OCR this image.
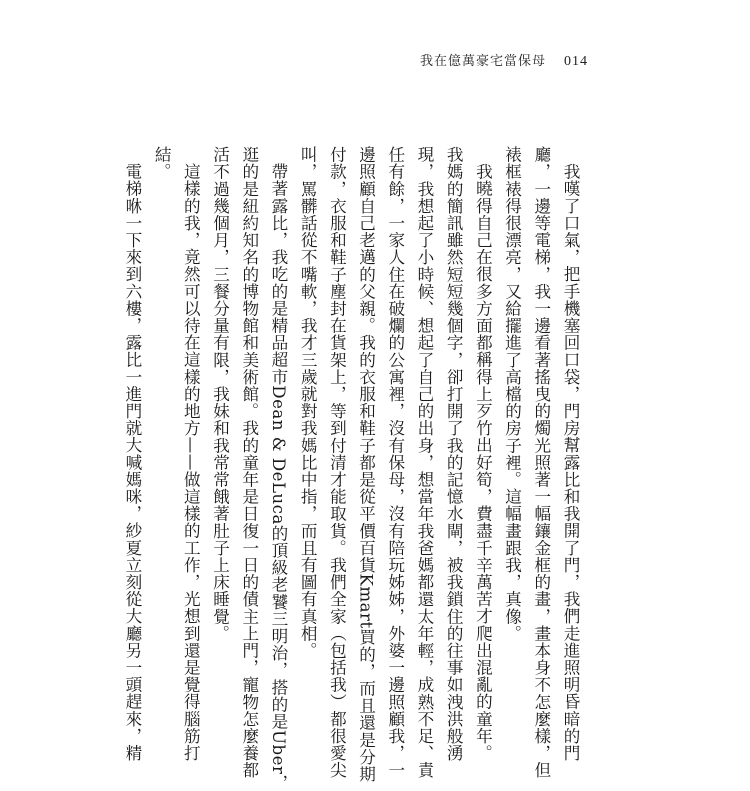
我在億萬豪宅當保母 014
我嘆了口氣，把手機塞回口袋，門房幫露比和我開了門，我們走進照明昏暗的門
廳，一邊等電梯，我一邊看著搖曳的燭光照著一幅鑲金框的畫，畫本身不怎麼樣，但
裱框裱得很漂亮，又給擺進了高檔的房子裡。這幅畫跟我，真像。
我曉得自己在很多方面都稱得上歹竹出好筍，費盡千辛萬苦才爬出混亂的童年。
我媽的簡訊雖然短短幾個字，卻打開了我的記憶水閘，被我鎖住的往事如洩洪般湧
現，我想起了小時候、想起了自己的出身，想當年我爸媽都還太年輕，成熟不足、責
任有餘，一家人住在破爛的公寓裡，沒有保母，沒有陪玩姊姊，外婆一邊照顧我，一
邊照顧自己老邁的父親。我的衣服和鞋子都是從平價百貨Kmart買的，而且還是分期
付款，衣服和鞋子塵封在貨架上，等到付清才能取貨。我們全家（包括我）都很愛尖
叫，罵髒話從不嘴軟，我才三歲就對我媽比中指，而且有圖有真相。
帶著露比，我吃的是精品超市Dean & DeLuca的頂級老饕三明治，搭的是Uber，
逛的是紐約知名的博物館和美術館。我的童年是日復一日的債主上門，寵物怎麼養都
活不過幾個月，三餐分量有限，我妹和我常常餓著肚子上床睡覺。
這樣的我，竟然可以待在這樣的地方——做這樣的工作，光想到還是覺得腦筋打
結。
電梯咻一下來到六樓，露比一進門就大喊媽咪，紗夏立刻從大廳另一頭趕來，精
